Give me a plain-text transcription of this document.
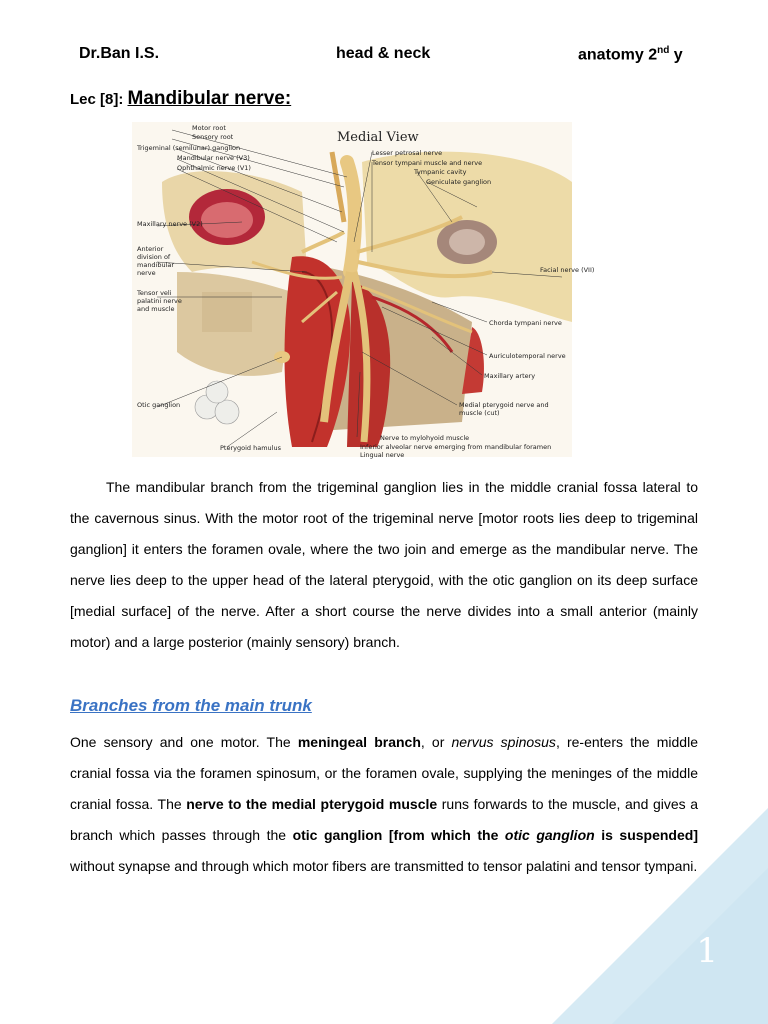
Dr.Ban I.S.	head & neck	anatomy 2nd y
Lec [8]: Mandibular nerve:
Motor root
Sensory root
Trigeminal (semilunar) ganglion
Mandibular nerve (V3)
Ophthalmic nerve (V1)
Maxillary nerve (V2)
Anterior division of mandibular nerve
Tensor veli palatini nerve and muscle
Otic ganglion
Pterygoid hamulus
Medial View
Lesser petrosal nerve
Tensor tympani muscle and nerve
Tympanic cavity
Geniculate ganglion
Facial nerve (VII)
Chorda tympani nerve
Auriculotemporal nerve
Maxillary artery
Medial pterygoid nerve and muscle (cut)
Nerve to mylohyoid muscle
Inferior alveolar nerve emerging from mandibular foramen
Lingual nerve

The mandibular branch from the trigeminal ganglion lies in the middle cranial fossa lateral to the cavernous sinus. With the motor root of the trigeminal nerve [motor roots lies deep to trigeminal ganglion] it enters the foramen ovale, where the two join and emerge as the mandibular nerve. The nerve lies deep to the upper head of the lateral pterygoid, with the otic ganglion on its deep surface [medial surface] of the nerve. After a short course the nerve divides into a small anterior (mainly motor) and a large posterior (mainly sensory) branch.

Branches from the main trunk

One sensory and one motor. The meningeal branch, or nervus spinosus, re-enters the middle cranial fossa via the foramen spinosum, or the foramen ovale, supplying the meninges of the middle cranial fossa. The nerve to the medial pterygoid muscle runs forwards to the muscle, and gives a branch which passes through the otic ganglion [from which the otic ganglion is suspended] without synapse and through which motor fibers are transmitted to tensor palatini and tensor tympani.

1
